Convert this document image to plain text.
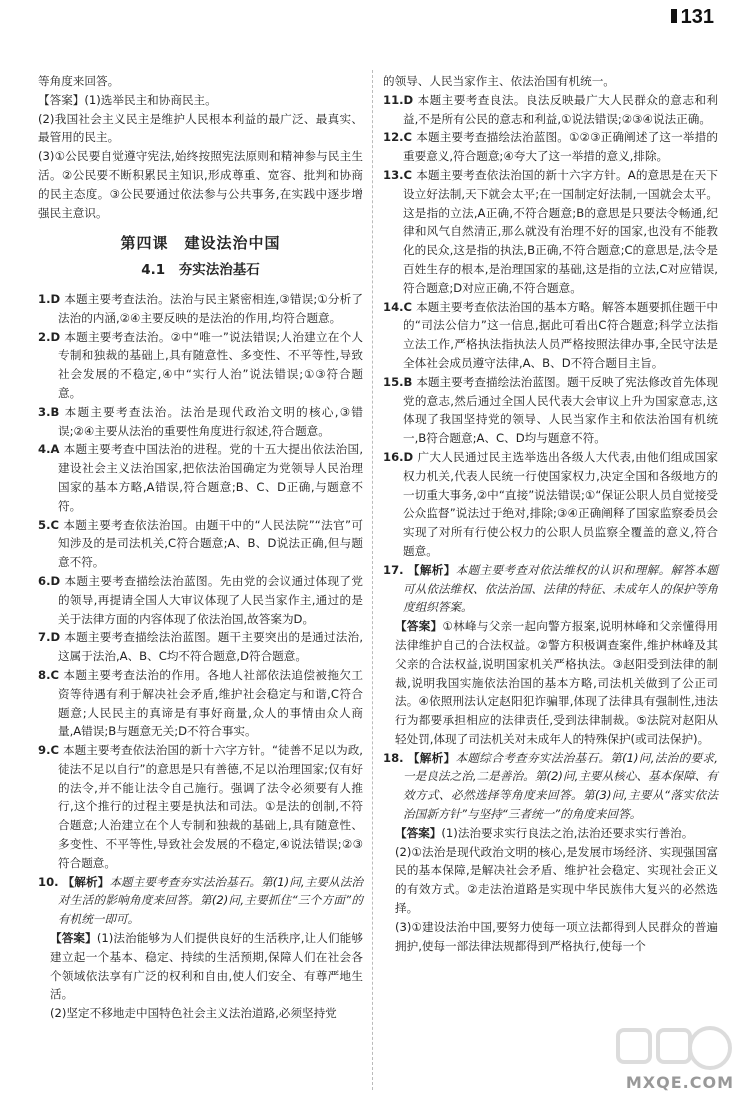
131

等角度来回答。

【答案】(1)选举民主和协商民主。

(2)我国社会主义民主是维护人民根本利益的最广泛、最真实、最管用的民主。

(3)①公民要自觉遵守宪法,始终按照宪法原则和精神参与民主生活。②公民要不断积累民主知识,形成尊重、宽容、批判和协商的民主态度。③公民要通过依法参与公共事务,在实践中逐步增强民主意识。

第四课　建设法治中国
4.1　夯实法治基石

1.D 本题主要考查法治。法治与民主紧密相连,③错误;①分析了法治的内涵,②④主要反映的是法治的作用,均符合题意。

2.D 本题主要考查法治。②中“唯一”说法错误;人治建立在个人专制和独裁的基础上,具有随意性、多变性、不平等性,导致社会发展的不稳定,④中“实行人治”说法错误;①③符合题意。

3.B 本题主要考查法治。法治是现代政治文明的核心,③错误;②④主要从法治的重要性角度进行叙述,符合题意。

4.A 本题主要考查中国法治的进程。党的十五大提出依法治国,建设社会主义法治国家,把依法治国确定为党领导人民治理国家的基本方略,A错误,符合题意;B、C、D正确,与题意不符。

5.C 本题主要考查依法治国。由题干中的“人民法院”“法官”可知涉及的是司法机关,C符合题意;A、B、D说法正确,但与题意不符。

6.D 本题主要考查描绘法治蓝图。先由党的会议通过体现了党的领导,再提请全国人大审议体现了人民当家作主,通过的是关于法律方面的内容体现了依法治国,故答案为D。

7.D 本题主要考查描绘法治蓝图。题干主要突出的是通过法治,这属于法治,A、B、C均不符合题意,D符合题意。

8.C 本题主要考查法治的作用。各地人社部依法追偿被拖欠工资等待遇有利于解决社会矛盾,维护社会稳定与和谐,C符合题意;人民民主的真谛是有事好商量,众人的事情由众人商量,A错误;B与题意无关;D不符合事实。

9.C 本题主要考查依法治国的新十六字方针。“徒善不足以为政,徒法不足以自行”的意思是只有善德,不足以治理国家;仅有好的法令,并不能让法令自己施行。强调了法令必须要有人推行,这个推行的过程主要是执法和司法。①是法的创制,不符合题意;人治建立在个人专制和独裁的基础上,具有随意性、多变性、不平等性,导致社会发展的不稳定,④说法错误;②③符合题意。

10. 【解析】本题主要考查夯实法治基石。第(1)问,主要从法治对生活的影响角度来回答。第(2)问,主要抓住“三个方面”的有机统一即可。

【答案】(1)法治能够为人们提供良好的生活秩序,让人们能够建立起一个基本、稳定、持续的生活预期,保障人们在社会各个领域依法享有广泛的权利和自由,使人们安全、有尊严地生活。

(2)坚定不移地走中国特色社会主义法治道路,必须坚持党

的领导、人民当家作主、依法治国有机统一。

11.D 本题主要考查良法。良法反映最广大人民群众的意志和利益,不是所有公民的意志和利益,①说法错误;②③④说法正确。

12.C 本题主要考查描绘法治蓝图。①②③正确阐述了这一举措的重要意义,符合题意;④夸大了这一举措的意义,排除。

13.C 本题主要考查依法治国的新十六字方针。A的意思是在天下设立好法制,天下就会太平;在一国制定好法制,一国就会太平。这是指的立法,A正确,不符合题意;B的意思是只要法令畅通,纪律和风气自然清正,那么就没有治理不好的国家,也没有不能教化的民众,这是指的执法,B正确,不符合题意;C的意思是,法令是百姓生存的根本,是治理国家的基础,这是指的立法,C对应错误,符合题意;D对应正确,不符合题意。

14.C 本题主要考查依法治国的基本方略。解答本题要抓住题干中的“司法公信力”这一信息,据此可看出C符合题意;科学立法指立法工作,严格执法指执法人员严格按照法律办事,全民守法是全体社会成员遵守法律,A、B、D不符合题目主旨。

15.B 本题主要考查描绘法治蓝图。题干反映了宪法修改首先体现党的意志,然后通过全国人民代表大会审议上升为国家意志,这体现了我国坚持党的领导、人民当家作主和依法治国有机统一,B符合题意;A、C、D均与题意不符。

16.D 广大人民通过民主选举选出各级人大代表,由他们组成国家权力机关,代表人民统一行使国家权力,决定全国和各级地方的一切重大事务,②中“直接”说法错误;①“保证公职人员自觉接受公众监督”说法过于绝对,排除;③④正确阐释了国家监察委员会实现了对所有行使公权力的公职人员监察全覆盖的意义,符合题意。

17. 【解析】本题主要考查对依法维权的认识和理解。解答本题可从依法维权、依法治国、法律的特征、未成年人的保护等角度组织答案。

【答案】①林峰与父亲一起向警方报案,说明林峰和父亲懂得用法律维护自己的合法权益。②警方积极调查案件,维护林峰及其父亲的合法权益,说明国家机关严格执法。③赵阳受到法律的制裁,说明我国实施依法治国的基本方略,司法机关做到了公正司法。④依照刑法认定赵阳犯诈骗罪,体现了法律具有强制性,违法行为都要承担相应的法律责任,受到法律制裁。⑤法院对赵阳从轻处罚,体现了司法机关对未成年人的特殊保护(或司法保护)。

18. 【解析】本题综合考查夯实法治基石。第(1)问,法治的要求,一是良法之治,二是善治。第(2)问,主要从核心、基本保障、有效方式、必然选择等角度来回答。第(3)问,主要从“落实依法治国新方针”与坚持“三者统一”的角度来回答。

【答案】(1)法治要求实行良法之治,法治还要求实行善治。

(2)①法治是现代政治文明的核心,是发展市场经济、实现强国富民的基本保障,是解决社会矛盾、维护社会稳定、实现社会正义的有效方式。②走法治道路是实现中华民族伟大复兴的必然选择。

(3)①建设法治中国,要努力使每一项立法都得到人民群众的普遍拥护,使每一部法律法规都得到严格执行,使每一个

MXQE.COM
